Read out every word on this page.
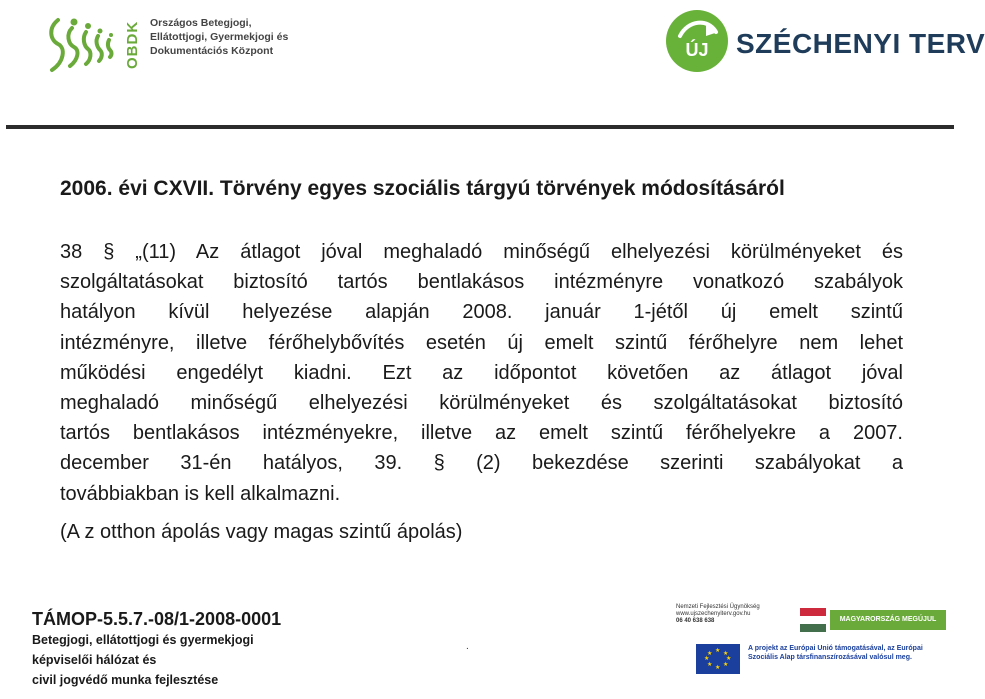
OBDK Országos Betegjogi,
Ellátottjogi, Gyermekjogi és
Dokumentációs Központ	ÚJ SZÉCHENYI TERV
2006. évi CXVII. Törvény egyes szociális tárgyú törvények módosításáról
38 § „(11) Az átlagot jóval meghaladó minőségű elhelyezési körülményeket és
szolgáltatásokat biztosító tartós bentlakásos intézményre vonatkozó szabályok
hatályon kívül helyezése alapján 2008. január 1-jétől új emelt szintű
intézményre, illetve férőhelybővítés esetén új emelt szintű férőhelyre nem lehet
működési engedélyt kiadni. Ezt az időpontot követően az átlagot jóval
meghaladó minőségű elhelyezési körülményeket és szolgáltatásokat biztosító
tartós bentlakásos intézményekre, illetve az emelt szintű férőhelyekre a 2007.
december 31-én hatályos, 39. § (2) bekezdése szerinti szabályokat a
továbbiakban is kell alkalmazni.
(A z otthon ápolás vagy magas szintű ápolás)
TÁMOP-5.5.7.-08/1-2008-0001
Betegjogi, ellátottjogi és gyermekjogi
képviselői hálózat és
civil jogvédő munka fejlesztése
.
Nemzeti Fejlesztési Ügynökség
www.ujszechenyiterv.gov.hu
06 40 638 638	MAGYARORSZÁG MEGÚJUL
★ ★
★
★
★
★
★
★
A projekt az Európai Unió támogatásával, az Európai
Szociális Alap társfinanszírozásával valósul meg.
